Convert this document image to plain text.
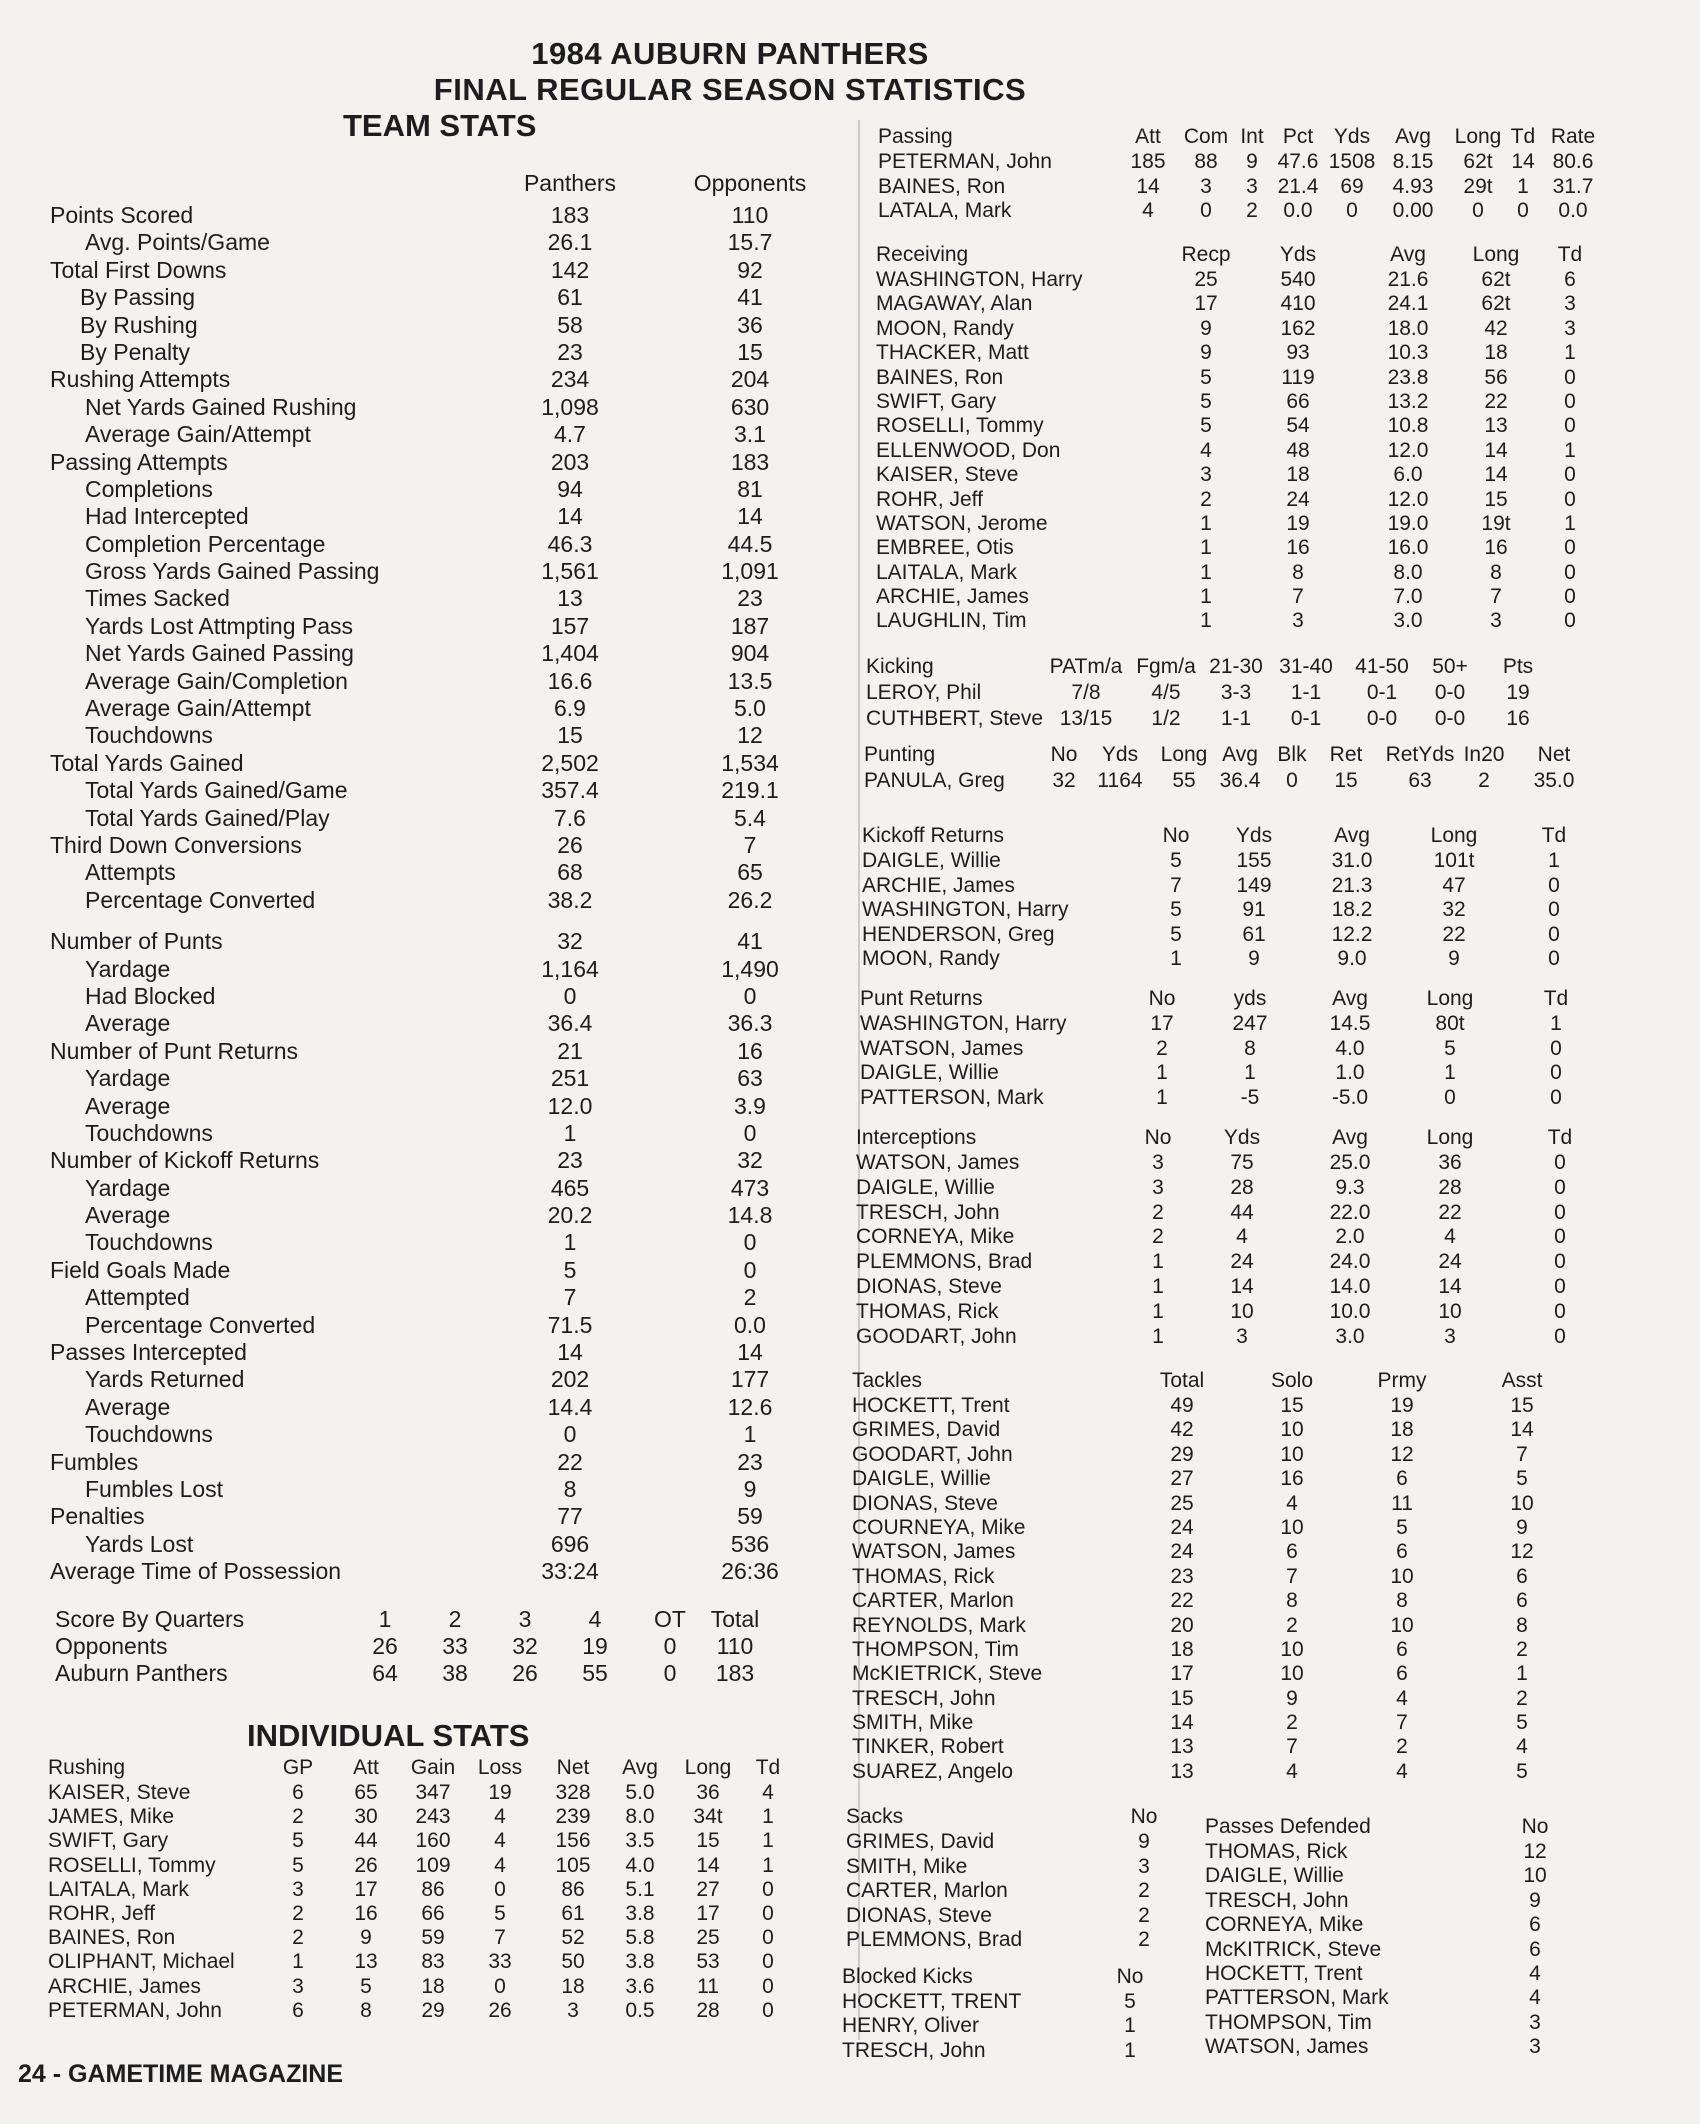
1984 AUBURN PANTHERS
FINAL REGULAR SEASON STATISTICS
TEAM STATS
INDIVIDUAL STATS
Panthers	Opponents
Points Scored	183	110
Avg. Points/Game	26.1	15.7
Total First Downs	142	92
By Passing	61	41
By Rushing	58	36
By Penalty	23	15
Rushing Attempts	234	204
Net Yards Gained Rushing	1,098	630
Average Gain/Attempt	4.7	3.1
Passing Attempts	203	183
Completions	94	81
Had Intercepted	14	14
Completion Percentage	46.3	44.5
Gross Yards Gained Passing	1,561	1,091
Times Sacked	13	23
Yards Lost Attmpting Pass	157	187
Net Yards Gained Passing	1,404	904
Average Gain/Completion	16.6	13.5
Average Gain/Attempt	6.9	5.0
Touchdowns	15	12
Total Yards Gained	2,502	1,534
Total Yards Gained/Game	357.4	219.1
Total Yards Gained/Play	7.6	5.4
Third Down Conversions	26	7
Attempts	68	65
Percentage Converted	38.2	26.2
Number of Punts	32	41
Yardage	1,164	1,490
Had Blocked	0	0
Average	36.4	36.3
Number of Punt Returns	21	16
Yardage	251	63
Average	12.0	3.9
Touchdowns	1	0
Number of Kickoff Returns	23	32
Yardage	465	473
Average	20.2	14.8
Touchdowns	1	0
Field Goals Made	5	0
Attempted	7	2
Percentage Converted	71.5	0.0
Passes Intercepted	14	14
Yards Returned	202	177
Average	14.4	12.6
Touchdowns	0	1
Fumbles	22	23
Fumbles Lost	8	9
Penalties	77	59
Yards Lost	696	536
Average Time of Possession	33:24	26:36
Score By Quarters	1	2	3	4	OT	Total
Opponents	26	33	32	19	0	110
Auburn Panthers	64	38	26	55	0	183
Rushing	GP	Att	Gain	Loss	Net	Avg	Long	Td
KAISER, Steve	6	65	347	19	328	5.0	36	4
JAMES, Mike	2	30	243	4	239	8.0	34t	1
SWIFT, Gary	5	44	160	4	156	3.5	15	1
ROSELLI, Tommy	5	26	109	4	105	4.0	14	1
LAITALA, Mark	3	17	86	0	86	5.1	27	0
ROHR, Jeff	2	16	66	5	61	3.8	17	0
BAINES, Ron	2	9	59	7	52	5.8	25	0
OLIPHANT, Michael	1	13	83	33	50	3.8	53	0
ARCHIE, James	3	5	18	0	18	3.6	11	0
PETERMAN, John	6	8	29	26	3	0.5	28	0
Passing	Att	Com Int Pct Yds	Avg	Long Td Rate
PETERMAN, John	185	88	9 47.6 1508 8.15	62t 14 80.6
BAINES, Ron	14	3	3 21.4	69	4.93	29t	1	31.7
LATALA, Mark	4	0	2	0.0	0	0.00	0	0	0.0
Receiving	Recp	Yds	Avg	Long	Td
WASHINGTON, Harry	25	540	21.6	62t	6
MAGAWAY, Alan	17	410	24.1	62t	3
MOON, Randy	9	162	18.0	42	3
THACKER, Matt	9	93	10.3	18	1
BAINES, Ron	5	119	23.8	56	0
SWIFT, Gary	5	66	13.2	22	0
ROSELLI, Tommy	5	54	10.8	13	0
ELLENWOOD, Don	4	48	12.0	14	1
KAISER, Steve	3	18	6.0	14	0
ROHR, Jeff	2	24	12.0	15	0
WATSON, Jerome	1	19	19.0	19t	1
EMBREE, Otis	1	16	16.0	16	0
LAITALA, Mark	1	8	8.0	8	0
ARCHIE, James	1	7	7.0	7	0
LAUGHLIN, Tim	1	3	3.0	3	0
Kicking	PATm/a Fgm/a 21-30 31-40	41-50	50+	Pts
LEROY, Phil	7/8	4/5	3-3	1-1	0-1	0-0	19
CUTHBERT, Steve 13/15	1/2	1-1	0-1	0-0	0-0	16
Punting	No	Yds	Long Avg Blk	Ret	RetYds In20	Net
PANULA, Greg	32	1164	55	36.4	0	15	63	2	35.0
Kickoff Returns	No	Yds	Avg	Long	Td
DAIGLE, Willie	5	155	31.0	101t	1
ARCHIE, James	7	149	21.3	47	0
WASHINGTON, Harry	5	91	18.2	32	0
HENDERSON, Greg	5	61	12.2	22	0
MOON, Randy	1	9	9.0	9	0
Punt Returns	No	yds	Avg	Long	Td
WASHINGTON, Harry	17	247	14.5	80t	1
WATSON, James	2	8	4.0	5	0
DAIGLE, Willie	1	1	1.0	1	0
PATTERSON, Mark	1	-5	-5.0	0	0
Interceptions	No	Yds	Avg	Long	Td
WATSON, James	3	75	25.0	36	0
DAIGLE, Willie	3	28	9.3	28	0
TRESCH, John	2	44	22.0	22	0
CORNEYA, Mike	2	4	2.0	4	0
PLEMMONS, Brad	1	24	24.0	24	0
DIONAS, Steve	1	14	14.0	14	0
THOMAS, Rick	1	10	10.0	10	0
GOODART, John	1	3	3.0	3	0
Tackles	Total	Solo	Prmy	Asst
HOCKETT, Trent	49	15	19	15
GRIMES, David	42	10	18	14
GOODART, John	29	10	12	7
DAIGLE, Willie	27	16	6	5
DIONAS, Steve	25	4	11	10
COURNEYA, Mike	24	10	5	9
WATSON, James	24	6	6	12
THOMAS, Rick	23	7	10	6
CARTER, Marlon	22	8	8	6
REYNOLDS, Mark	20	2	10	8
THOMPSON, Tim	18	10	6	2
McKIETRICK, Steve	17	10	6	1
TRESCH, John	15	9	4	2
SMITH, Mike	14	2	7	5
TINKER, Robert	13	7	2	4
SUAREZ, Angelo	13	4	4	5
Sacks	No
GRIMES, David	9
SMITH, Mike	3
CARTER, Marlon	2
DIONAS, Steve	2
PLEMMONS, Brad	2
Blocked Kicks	No
HOCKETT, TRENT	5
HENRY, Oliver	1
TRESCH, John	1
Passes Defended	No
THOMAS, Rick	12
DAIGLE, Willie	10
TRESCH, John	9
CORNEYA, Mike	6
McKITRICK, Steve	6
HOCKETT, Trent	4
PATTERSON, Mark	4
THOMPSON, Tim	3
WATSON, James	3
24 - GAMETIME MAGAZINE
